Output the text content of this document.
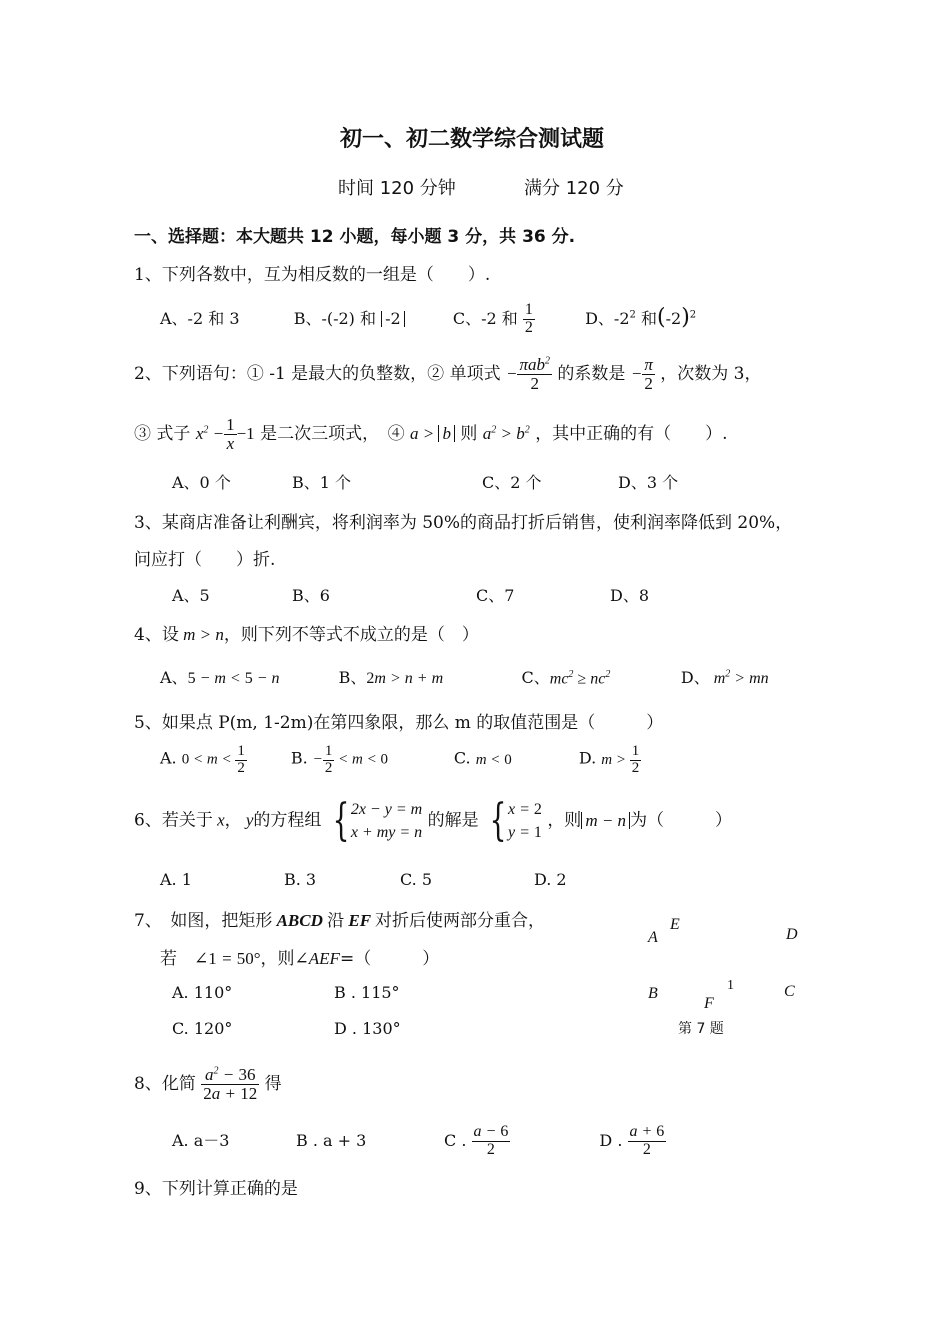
初一、初二数学综合测试题
时间 120 分钟	满分 120 分
一、选择题：本大题共 12 小题，每小题 3 分，共 36 分.
1、下列各数中，互为相反数的一组是（　　）.
A、-2 和 3	B、-(-2) 和 -2	C、-2 和 $\frac{1}{2}$	D、$-2^2$ 和$(-2)^2$
2、下列语句：① -1 是最大的负整数，② 单项式 − $\frac{\pi ab^2}{2}$ 的系数是 − $\frac{\pi}{2}$ ，次数为 3，
③ 式子 $x^2 - \frac{1}{x} -1$ 是二次三项式，　④ a > b 则 $a^2 > b^2$ ，其中正确的有（　　）.
A、0 个	B、1 个	C、2 个	D、3 个
3、某商店准备让利酬宾，将利润率为 50%的商品打折后销售，使利润率降低到 20%，
问应打（　　）折.
A、5	B、6	C、7	D、8
4、设 m > n，则下列不等式不成立的是（　）
A、5 − m < 5 − n	B、2m > n + m	C、$mc^2 \ge nc^2$	D、 $m^2$ > mn
5、如果点 P(m, 1-2m)在第四象限，那么 m 的取值范围是（　　　）
A. $0 < m < \frac{1}{2}$	B. − $\frac{1}{2} < m < 0$	C. m < 0	D. $m > \frac{1}{2}$
6、若关于 x， y的方程组 {2x − y = m
x + my = n 的解是 { x = 2
y = 1 ，则 m − n 为（　　　）
A. 1	B. 3	C. 5	D. 2
7、　如图，把矩形 ABCD 沿 EF 对折后使两部分重合，
若　∠1 = 50°，则∠AEF=（　　　）
A. 110°	B . 115°
C. 120°	D . 130°
A
E
D
1
B
F
C
第 7 题
8、化简 $\frac{a^2 - 36}{2a + 12}$ 得
A. a－3	B . a + 3	C . $\frac{a - 6}{2}$	D . $\frac{a + 6}{2}$
9、下列计算正确的是
